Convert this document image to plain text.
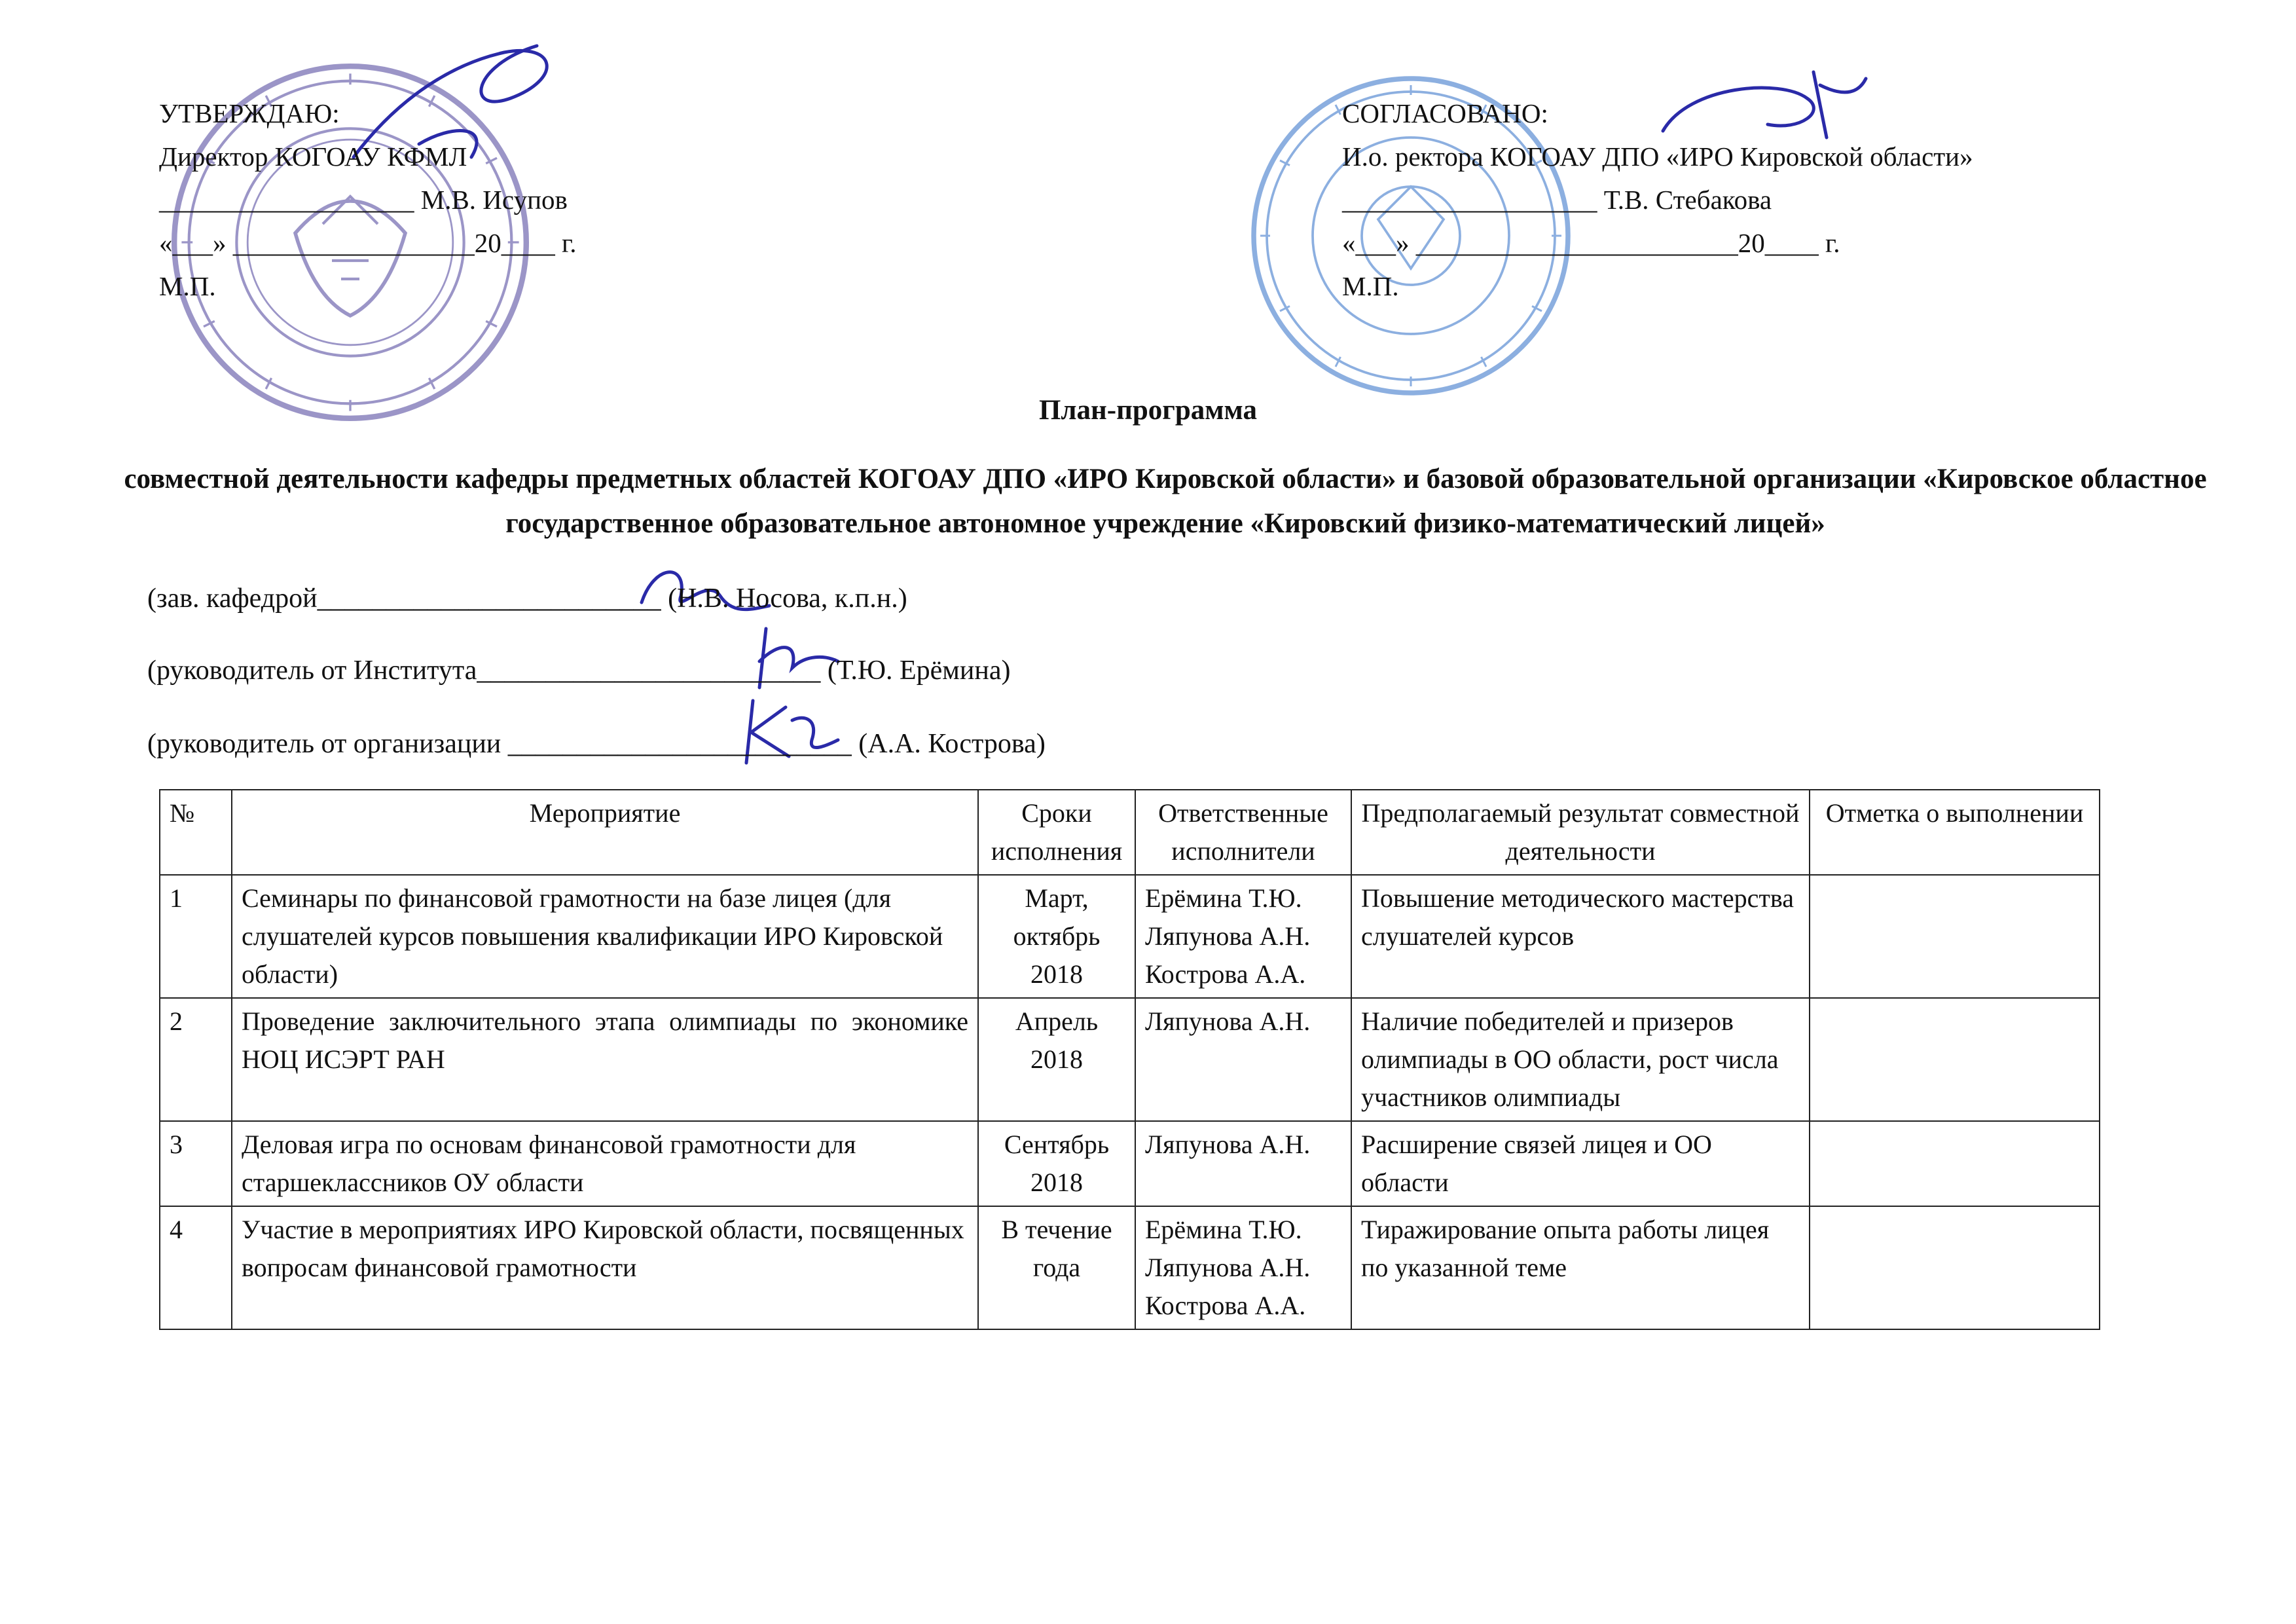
УТВЕРЖДАЮ:
Директор КОГОАУ КФМЛ
___________________ М.В. Исупов
«___» __________________20____ г.
М.П.
СОГЛАСОВАНО:
И.о. ректора КОГОАУ ДПО «ИРО Кировской области»
___________________ Т.В. Стебакова
«___» ________________________20____ г.
М.П.
План-программа
совместной деятельности кафедры предметных областей КОГОАУ ДПО «ИРО Кировской области» и базовой образовательной организации «Кировское областное государственное образовательное автономное учреждение «Кировский физико-математический лицей»
(зав. кафедрой_________________________ (Н.В. Носова, к.п.н.)
(руководитель от Института_________________________ (Т.Ю. Ерёмина)
(руководитель от организации _________________________ (А.А. Кострова)
№	Мероприятие	Сроки исполнения	Ответственные исполнители	Предполагаемый результат совместной деятельности	Отметка о выполнении
1	Семинары по финансовой грамотности на базе лицея (для слушателей курсов повышения квалификации ИРО Кировской области)	Март, октябрь 2018	Ерёмина Т.Ю. Ляпунова А.Н. Кострова А.А.	Повышение методического мастерства слушателей курсов	
2	Проведение заключительного этапа олимпиады по экономике НОЦ ИСЭРТ РАН	Апрель 2018	Ляпунова А.Н.	Наличие победителей и призеров олимпиады в ОО области, рост числа участников олимпиады	
3	Деловая игра по основам финансовой грамотности для старшеклассников ОУ области	Сентябрь 2018	Ляпунова А.Н.	Расширение связей лицея и ОО области	
4	Участие в мероприятиях ИРО Кировской области, посвященных вопросам финансовой грамотности	В течение года	Ерёмина Т.Ю. Ляпунова А.Н. Кострова А.А.	Тиражирование опыта работы лицея по указанной теме	
